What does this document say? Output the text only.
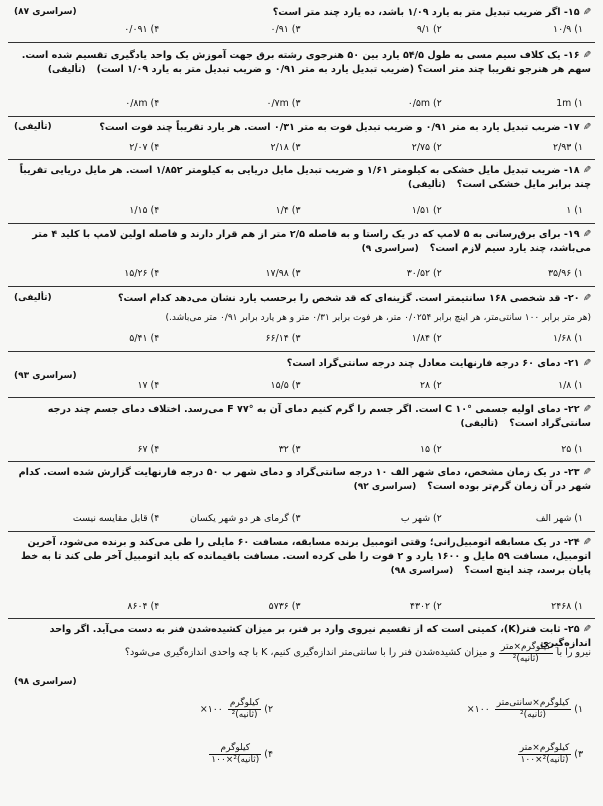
(سراسری ۸۷)	✎۱۵- اگر ضریب تبدیل متر به یارد ۱/۰۹ باشد، ده یارد چند متر است؟
۱) ۱۰/۹
۲) ۹/۱
۳) ۰/۹۱
۴) ۰/۰۹۱
✎۱۶- یک کلاف سیم مسی به طول ۵۴/۵ یارد بین ۵۰ هنرجوی رشته برق جهت آموزش یک واحد یادگیری تقسیم شده است. سهم هر هنرجو تقریبا چند متر است؟ (ضریب تبدیل یارد به متر ۰/۹۱ و ضریب تبدیل متر به یارد ۱/۰۹ است) (تألیفی)
۱) 1m
۲) ۰/۵m
۳) ۰/۷m
۴) ۰/۸m
(تألیفی)	✎۱۷- ضریب تبدیل یارد به متر ۰/۹۱ و ضریب تبدیل فوت به متر ۰/۳۱ است. هر یارد تقریباً چند فوت است؟
۱) ۲/۹۳
۲) ۲/۷۵
۳) ۲/۱۸
۴) ۲/۰۷
✎۱۸- ضریب تبدیل مایل خشکی به کیلومتر ۱/۶۱ و ضریب تبدیل مایل دریایی به کیلومتر ۱/۸۵۲ است. هر مایل دریایی تقریباً چند برابر مایل خشکی است؟ (تألیفی)
۱) ۱
۲) ۱/۵۱
۳) ۱/۴
۴) ۱/۱۵
✎۱۹- برای برق‌رسانی به ۵ لامپ که در یک راستا و به فاصله ۲/۵ متر از هم قرار دارند و فاصله اولین لامپ با کلید ۴ متر می‌باشد، چند یارد سیم لازم است؟ (سراسری ۹)
۱) ۳۵/۹۶
۲) ۳۰/۵۲
۳) ۱۷/۹۸
۴) ۱۵/۲۶
(تألیفی)	✎۲۰- قد شخصی ۱۶۸ سانتیمتر است. گزینه‌ای که قد شخص را برحسب یارد نشان می‌دهد کدام است؟
(هر متر برابر ۱۰۰ سانتی‌متر، هر اینچ برابر ۰/۰۲۵۴ متر، هر فوت برابر ۰/۳۱ متر و هر یارد برابر ۰/۹۱ متر می‌باشد.)
۱) ۱/۶۸
۲) ۱/۸۴
۳) ۶۶/۱۴
۴) ۵/۴۱
✎۲۱- دمای ۶۰ درجه فارنهایت معادل چند درجه سانتی‌گراد است؟
(سراسری ۹۳)
۱) ۱/۸
۲) ۲۸
۳) ۱۵/۵
۴) ۱۷
✎۲۲- دمای اولیه جسمی °C ۱۰ است. اگر جسم را گرم کنیم دمای آن به °F ۷۷ می‌رسد. اختلاف دمای جسم چند درجه سانتی‌گراد است؟ (تألیفی)
۱) ۲۵
۲) ۱۵
۳) ۳۲
۴) ۶۷
✎۲۳- در یک زمان مشخص، دمای شهر الف ۱۰ درجه سانتی‌گراد و دمای شهر ب ۵۰ درجه فارنهایت گزارش شده است. کدام شهر در آن زمان گرم‌تر بوده است؟ (سراسری ۹۲)
۱) شهر الف
۲) شهر ب
۳) گرمای هر دو شهر یکسان
۴) قابل مقایسه نیست
✎۲۴- در یک مسابقه اتومبیل‌رانی؛ وقتی اتومبیل برنده مسابقه، مسافت ۶۰ مایلی را طی می‌کند و برنده می‌شود، آخرین اتومبیل، مسافت ۵۹ مایل و ۱۶۰۰ یارد و ۲ فوت را طی کرده است. مسافت باقیمانده که باید اتومبیل آخر طی کند تا به خط پایان برسد، چند اینچ است؟ (سراسری ۹۸)
۱) ۲۴۶۸
۲) ۴۳۰۲
۳) ۵۷۳۶
۴) ۸۶۰۴
✎۲۵- ثابت فنر(K)، کمیتی است که از تقسیم نیروی وارد بر فنر، بر میزان کشیده‌شدن فنر به دست می‌آید. اگر واحد اندازه‌گیری
نیرو را با
$\frac{\text{کیلوگرم×متر}}{\text{(ثانیه)²}}$
و میزان کشیده‌شدن فنر را با سانتی‌متر اندازه‌گیری کنیم، K با چه واحدی اندازه‌گیری می‌شود؟
(سراسری ۹۸)
۱)
$\frac{\text{کیلوگرم×سانتی‌متر}}{\text{(ثانیه)²}}$
۱۰۰×
۲)
$\frac{\text{کیلوگرم}}{\text{(ثانیه)²}}$
۱۰۰×
۳)
$\frac{\text{کیلوگرم×متر}}{\text{(ثانیه)²×۱۰۰}}$
۴)
$\frac{\text{کیلوگرم}}{\text{(ثانیه)²×۱۰۰}}$
